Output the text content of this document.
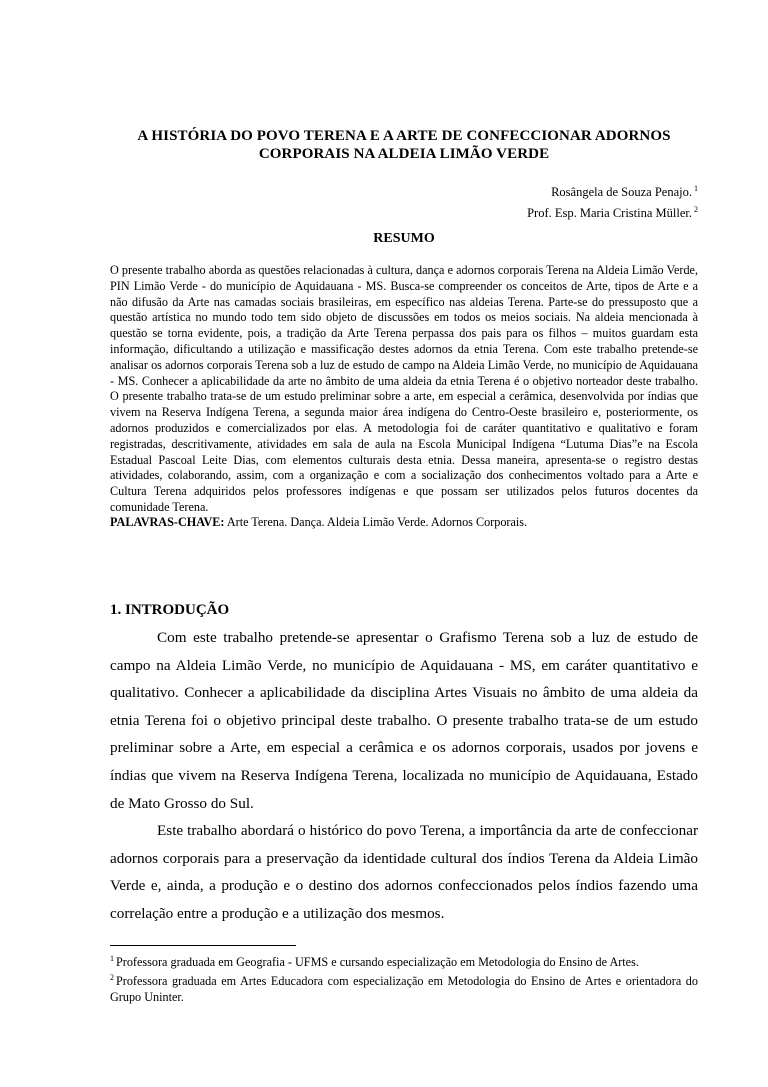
A HISTÓRIA DO POVO TERENA E A ARTE DE CONFECCIONAR ADORNOS
CORPORAIS NA ALDEIA LIMÃO VERDE
Rosângela de Souza Penajo. $^1$
Prof. Esp. Maria Cristina Müller. $^2$
RESUMO
O presente trabalho aborda as questões relacionadas à cultura, dança e adornos corporais Terena na Aldeia Limão Verde, PIN Limão Verde - do município de Aquidauana - MS. Busca-se compreender os conceitos de Arte, tipos de Arte e a não difusão da Arte nas camadas sociais brasileiras, em específico nas aldeias Terena. Parte-se do pressuposto que a questão artística no mundo todo tem sido objeto de discussões em todos os meios sociais. Na aldeia mencionada à questão se torna evidente, pois, a tradição da Arte Terena perpassa dos pais para os filhos – muitos guardam esta informação, dificultando a utilização e massificação destes adornos da etnia Terena. Com este trabalho pretende-se analisar os adornos corporais Terena sob a luz de estudo de campo na Aldeia Limão Verde, no município de Aquidauana - MS. Conhecer a aplicabilidade da arte no âmbito de uma aldeia da etnia Terena é o objetivo norteador deste trabalho. O presente trabalho trata-se de um estudo preliminar sobre a arte, em especial a cerâmica, desenvolvida por índias que vivem na Reserva Indígena Terena, a segunda maior área indígena do Centro-Oeste brasileiro e, posteriormente, os adornos produzidos e comercializados por elas. A metodologia foi de caráter quantitativo e qualitativo e foram registradas, descritivamente, atividades em sala de aula na Escola Municipal Indígena “Lutuma Dias”e na Escola Estadual Pascoal Leite Dias, com elementos culturais desta etnia. Dessa maneira, apresenta-se o registro destas atividades, colaborando, assim, com a organização e com a socialização dos conhecimentos voltado para a Arte e Cultura Terena adquiridos pelos professores indígenas e que possam ser utilizados pelos futuros docentes da comunidade Terena.
PALAVRAS-CHAVE: Arte Terena. Dança. Aldeia Limão Verde. Adornos Corporais.
1. INTRODUÇÃO

Com este trabalho pretende-se apresentar o Grafismo Terena sob a luz de estudo de campo na Aldeia Limão Verde, no município de Aquidauana - MS, em caráter quantitativo e qualitativo. Conhecer a aplicabilidade da disciplina Artes Visuais no âmbito de uma aldeia da etnia Terena foi o objetivo principal deste trabalho. O presente trabalho trata-se de um estudo preliminar sobre a Arte, em especial a cerâmica e os adornos corporais, usados por jovens e índias que vivem na Reserva Indígena Terena, localizada no município de Aquidauana, Estado de Mato Grosso do Sul.

Este trabalho abordará o histórico do povo Terena, a importância da arte de confeccionar adornos corporais para a preservação da identidade cultural dos índios Terena da Aldeia Limão Verde e, ainda, a produção e o destino dos adornos confeccionados pelos índios fazendo uma correlação entre a produção e a utilização dos mesmos.

$^1$ Professora graduada em Geografia - UFMS e cursando especialização em Metodologia do Ensino de Artes.

$^2$ Professora graduada em Artes Educadora com especialização em Metodologia do Ensino de Artes e orientadora do Grupo Uninter.
